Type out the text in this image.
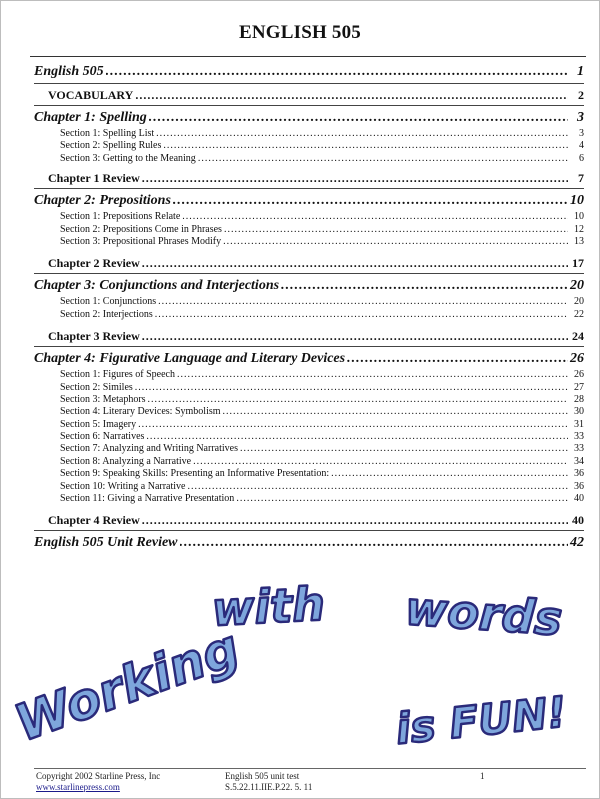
ENGLISH 505
English 505 .....	1
VOCABULARY .....	2
Chapter 1: Spelling .....	3
Section 1: Spelling List .....	3
Section 2: Spelling Rules .....	4
Section 3: Getting to the Meaning .....	6
Chapter 1 Review .....	7
Chapter 2: Prepositions .....	10
Section 1: Prepositions Relate .....	10
Section 2: Prepositions Come in Phrases .....	12
Section 3: Prepositional Phrases Modify .....	13
Chapter 2 Review .....	17
Chapter 3: Conjunctions and Interjections .....	20
Section 1: Conjunctions .....	20
Section 2: Interjections .....	22
Chapter 3 Review .....	24
Chapter 4: Figurative Language and Literary Devices .....	26
Section 1: Figures of Speech .....	26
Section 2: Similes .....	27
Section 3: Metaphors .....	28
Section 4: Literary Devices: Symbolism .....	30
Section 5: Imagery .....	31
Section 6: Narratives .....	33
Section 7: Analyzing and Writing Narratives .....	33
Section 8: Analyzing a Narrative .....	34
Section 9: Speaking Skills: Presenting an Informative Presentation: .....	36
Section 10: Writing a Narrative .....	36
Section 11: Giving a Narrative Presentation .....	40
Chapter 4 Review .....	40
English 505 Unit Review .....	42
Working
with words
is FUN!
Copyright 2002 Starline Press, Inc
www.starlinepress.com
English 505 unit test
S.5.22.11.IIE.P.22. 5. 11
1
